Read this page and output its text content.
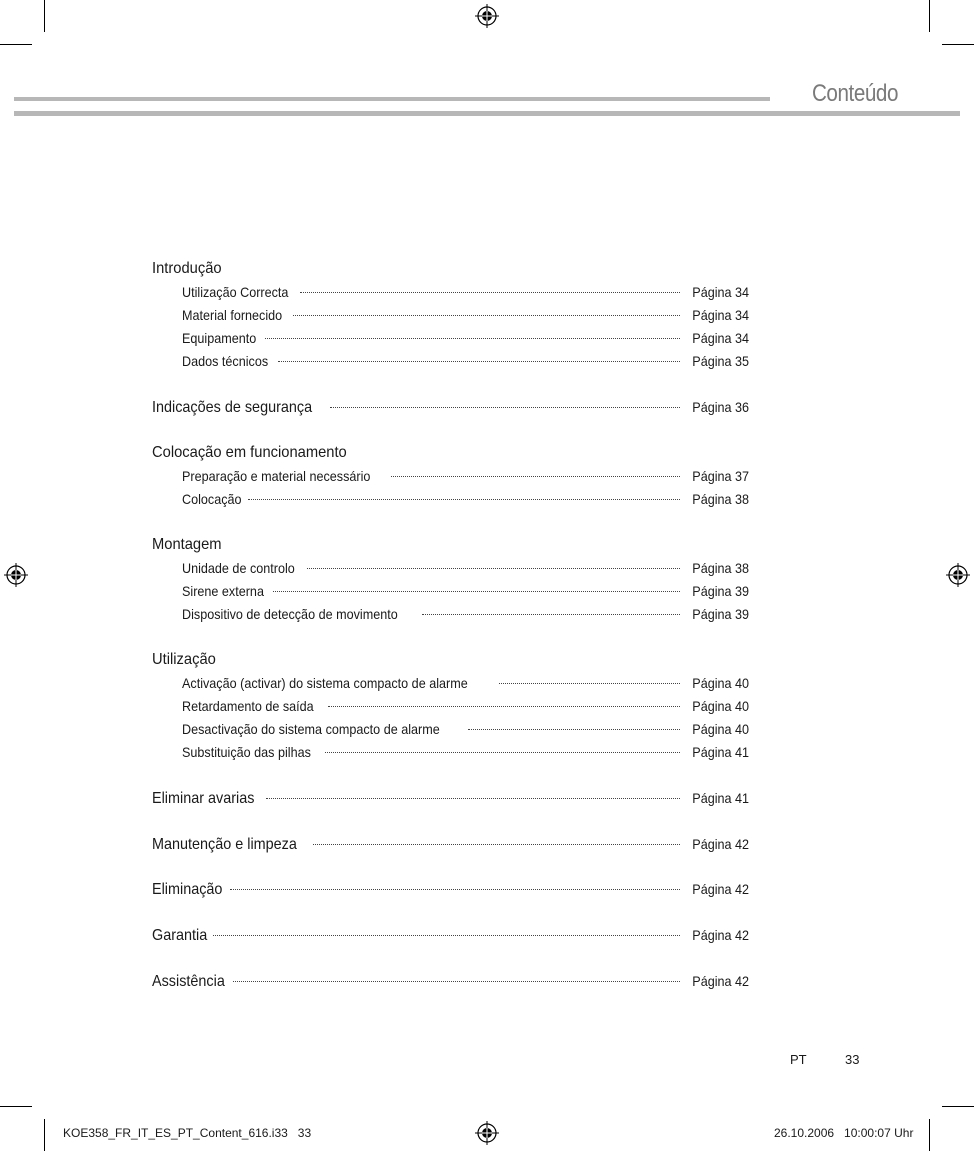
Conteúdo
Introdução
Utilização Correcta	Página 34
Material fornecido	Página 34
Equipamento	Página 34
Dados técnicos	Página 35
Indicações de segurança	Página 36
Colocação em funcionamento
Preparação e material necessário	Página 37
Colocação	Página 38
Montagem
Unidade de controlo	Página 38
Sirene externa	Página 39
Dispositivo de detecção de movimento	Página 39
Utilização
Activação (activar) do sistema compacto de alarme	Página 40
Retardamento de saída	Página 40
Desactivação do sistema compacto de alarme	Página 40
Substituição das pilhas	Página 41
Eliminar avarias	Página 41
Manutenção e limpeza	Página 42
Eliminação	Página 42
Garantia	Página 42
Assistência	Página 42
PT	33
KOE358_FR_IT_ES_PT_Content_616.i33   33	26.10.2006   10:00:07 Uhr
